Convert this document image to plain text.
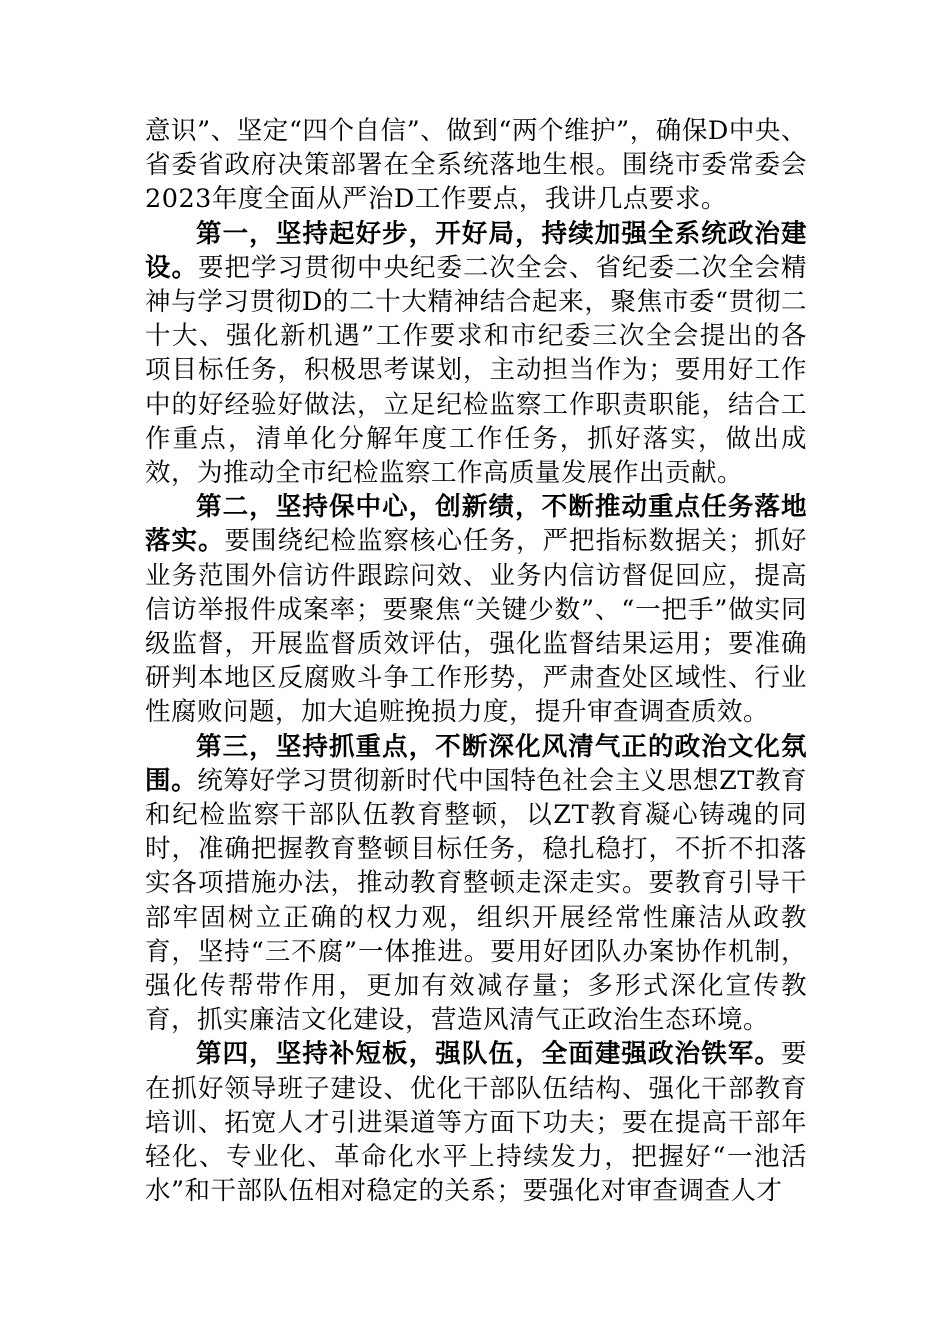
意识”、坚定“四个自信”、做到“两个维护”，确保D中央、省委省政府决策部署在全系统落地生根。围绕市委常委会2023年度全面从严治D工作要点，我讲几点要求。

第一，坚持起好步，开好局，持续加强全系统政治建设。要把学习贯彻中央纪委二次全会、省纪委二次全会精神与学习贯彻D的二十大精神结合起来，聚焦市委“贯彻二十大、强化新机遇”工作要求和市纪委三次全会提出的各项目标任务，积极思考谋划，主动担当作为；要用好工作中的好经验好做法，立足纪检监察工作职责职能，结合工作重点，清单化分解年度工作任务，抓好落实，做出成效，为推动全市纪检监察工作高质量发展作出贡献。

第二，坚持保中心，创新绩，不断推动重点任务落地落实。要围绕纪检监察核心任务，严把指标数据关；抓好业务范围外信访件跟踪问效、业务内信访督促回应，提高信访举报件成案率；要聚焦“关键少数”、“一把手”做实同级监督，开展监督质效评估，强化监督结果运用；要准确研判本地区反腐败斗争工作形势，严肃查处区域性、行业性腐败问题，加大追赃挽损力度，提升审查调查质效。

第三，坚持抓重点，不断深化风清气正的政治文化氛围。统筹好学习贯彻新时代中国特色社会主义思想ZT教育和纪检监察干部队伍教育整顿，以ZT教育凝心铸魂的同时，准确把握教育整顿目标任务，稳扎稳打，不折不扣落实各项措施办法，推动教育整顿走深走实。要教育引导干部牢固树立正确的权力观，组织开展经常性廉洁从政教育，坚持“三不腐”一体推进。要用好团队办案协作机制，强化传帮带作用，更加有效减存量；多形式深化宣传教育，抓实廉洁文化建设，营造风清气正政治生态环境。

第四，坚持补短板，强队伍，全面建强政治铁军。要在抓好领导班子建设、优化干部队伍结构、强化干部教育培训、拓宽人才引进渠道等方面下功夫；要在提高干部年轻化、专业化、革命化水平上持续发力，把握好“一池活水”和干部队伍相对稳定的关系；要强化对审查调查人才
